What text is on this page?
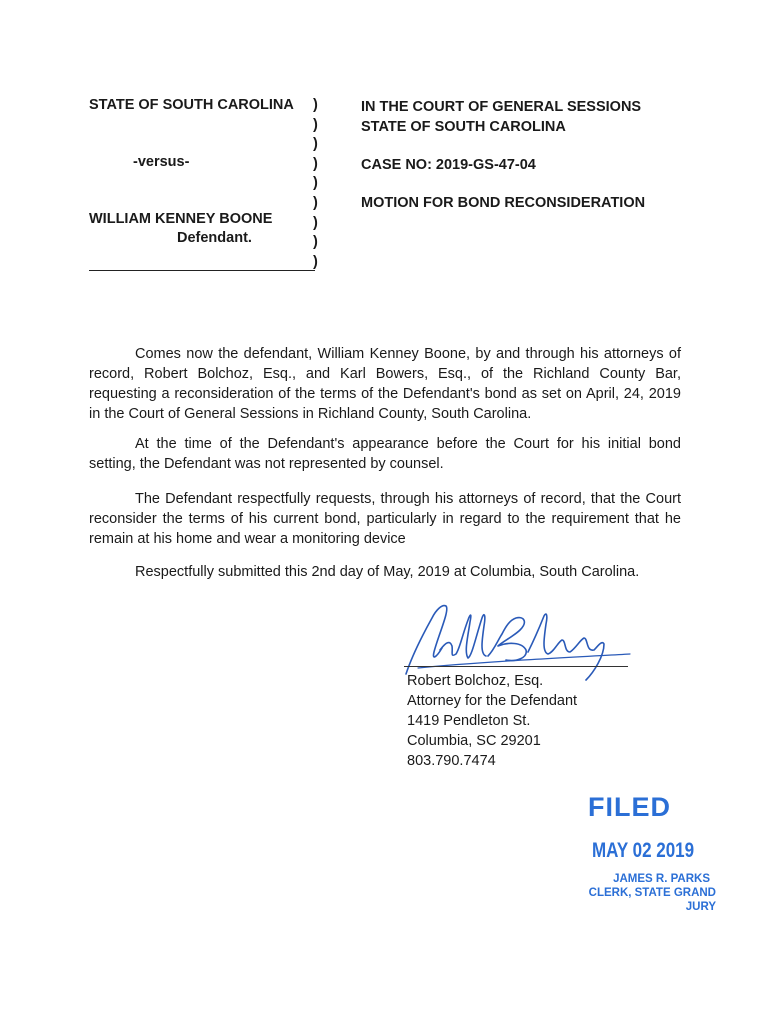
STATE OF SOUTH CAROLINA
-versus-
WILLIAM KENNEY BOONE
Defendant.
)
)
)
)
)
)
)
)
)
IN THE COURT OF GENERAL SESSIONS
STATE OF SOUTH CAROLINA
CASE NO: 2019-GS-47-04
MOTION FOR BOND RECONSIDERATION
Comes now the defendant, William Kenney Boone, by and through his attorneys of record, Robert Bolchoz, Esq., and Karl Bowers, Esq., of the Richland County Bar, requesting a reconsideration of the terms of the Defendant's bond as set on April, 24, 2019 in the Court of General Sessions in Richland County, South Carolina.
At the time of the Defendant's appearance before the Court for his initial bond setting, the Defendant was not represented by counsel.
The Defendant respectfully requests, through his attorneys of record, that the Court reconsider the terms of his current bond, particularly in regard to the requirement that he remain at his home and wear a monitoring device
Respectfully submitted this 2nd day of May, 2019 at Columbia, South Carolina.
Robert Bolchoz, Esq.
Attorney for the Defendant
1419 Pendleton St.
Columbia, SC 29201
803.790.7474
FILED
MAY 02 2019
JAMES R. PARKS
CLERK, STATE GRAND JURY
